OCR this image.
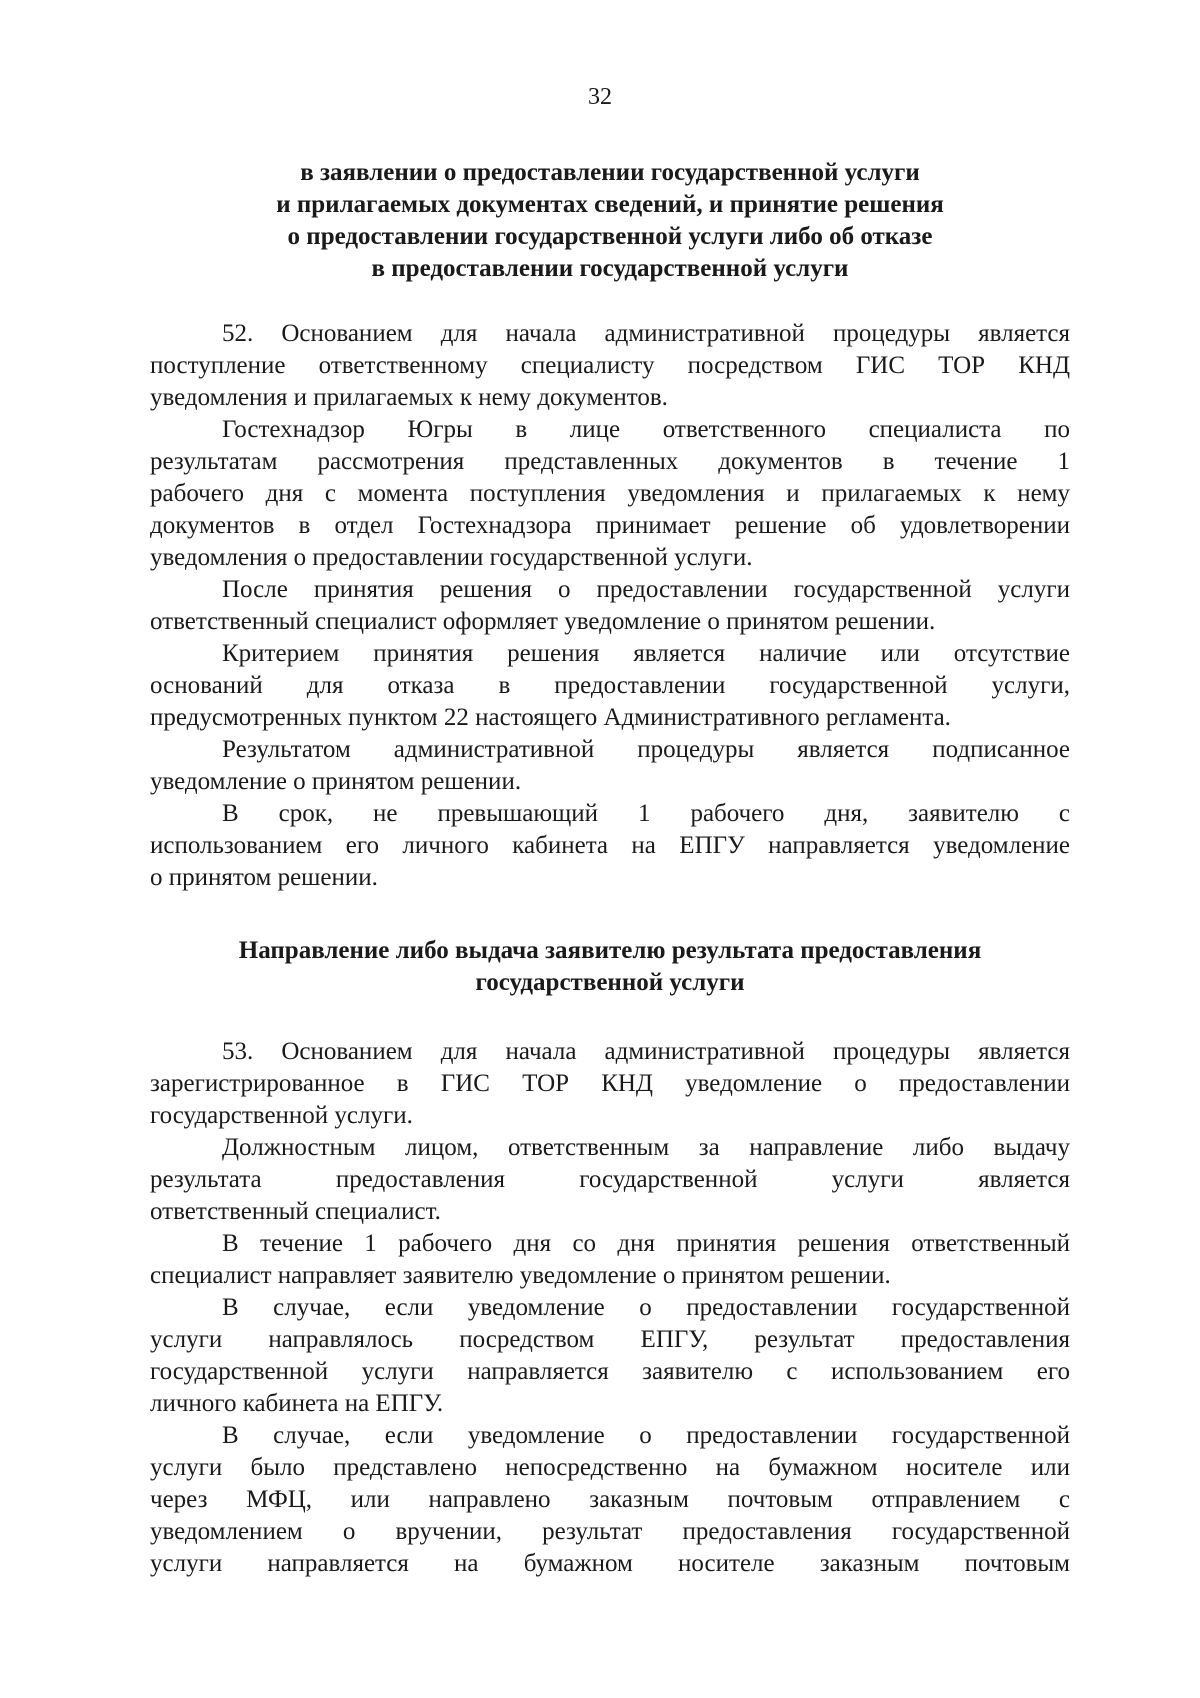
32
в заявлении о предоставлении государственной услуги
и прилагаемых документах сведений, и принятие решения
о предоставлении государственной услуги либо об отказе
в предоставлении государственной услуги
52. Основанием для начала административной процедуры является
поступление ответственному специалисту посредством ГИС ТОР КНД
уведомления и прилагаемых к нему документов.
Гостехнадзор Югры в лице ответственного специалиста по
результатам рассмотрения представленных документов в течение 1
рабочего дня с момента поступления уведомления и прилагаемых к нему
документов в отдел Гостехнадзора принимает решение об удовлетворении
уведомления о предоставлении государственной услуги.
После принятия решения о предоставлении государственной услуги
ответственный специалист оформляет уведомление о принятом решении.
Критерием принятия решения является наличие или отсутствие
оснований для отказа в предоставлении государственной услуги,
предусмотренных пунктом 22 настоящего Административного регламента.
Результатом административной процедуры является подписанное
уведомление о принятом решении.
В срок, не превышающий 1 рабочего дня, заявителю с
использованием его личного кабинета на ЕПГУ направляется уведомление
о принятом решении.
Направление либо выдача заявителю результата предоставления
государственной услуги
53. Основанием для начала административной процедуры является
зарегистрированное в ГИС ТОР КНД уведомление о предоставлении
государственной услуги.
Должностным лицом, ответственным за направление либо выдачу
результата предоставления государственной услуги является
ответственный специалист.
В течение 1 рабочего дня со дня принятия решения ответственный
специалист направляет заявителю уведомление о принятом решении.
В случае, если уведомление о предоставлении государственной
услуги направлялось посредством ЕПГУ, результат предоставления
государственной услуги направляется заявителю с использованием его
личного кабинета на ЕПГУ.
В случае, если уведомление о предоставлении государственной
услуги было представлено непосредственно на бумажном носителе или
через МФЦ, или направлено заказным почтовым отправлением с
уведомлением о вручении, результат предоставления государственной
услуги направляется на бумажном носителе заказным почтовым
